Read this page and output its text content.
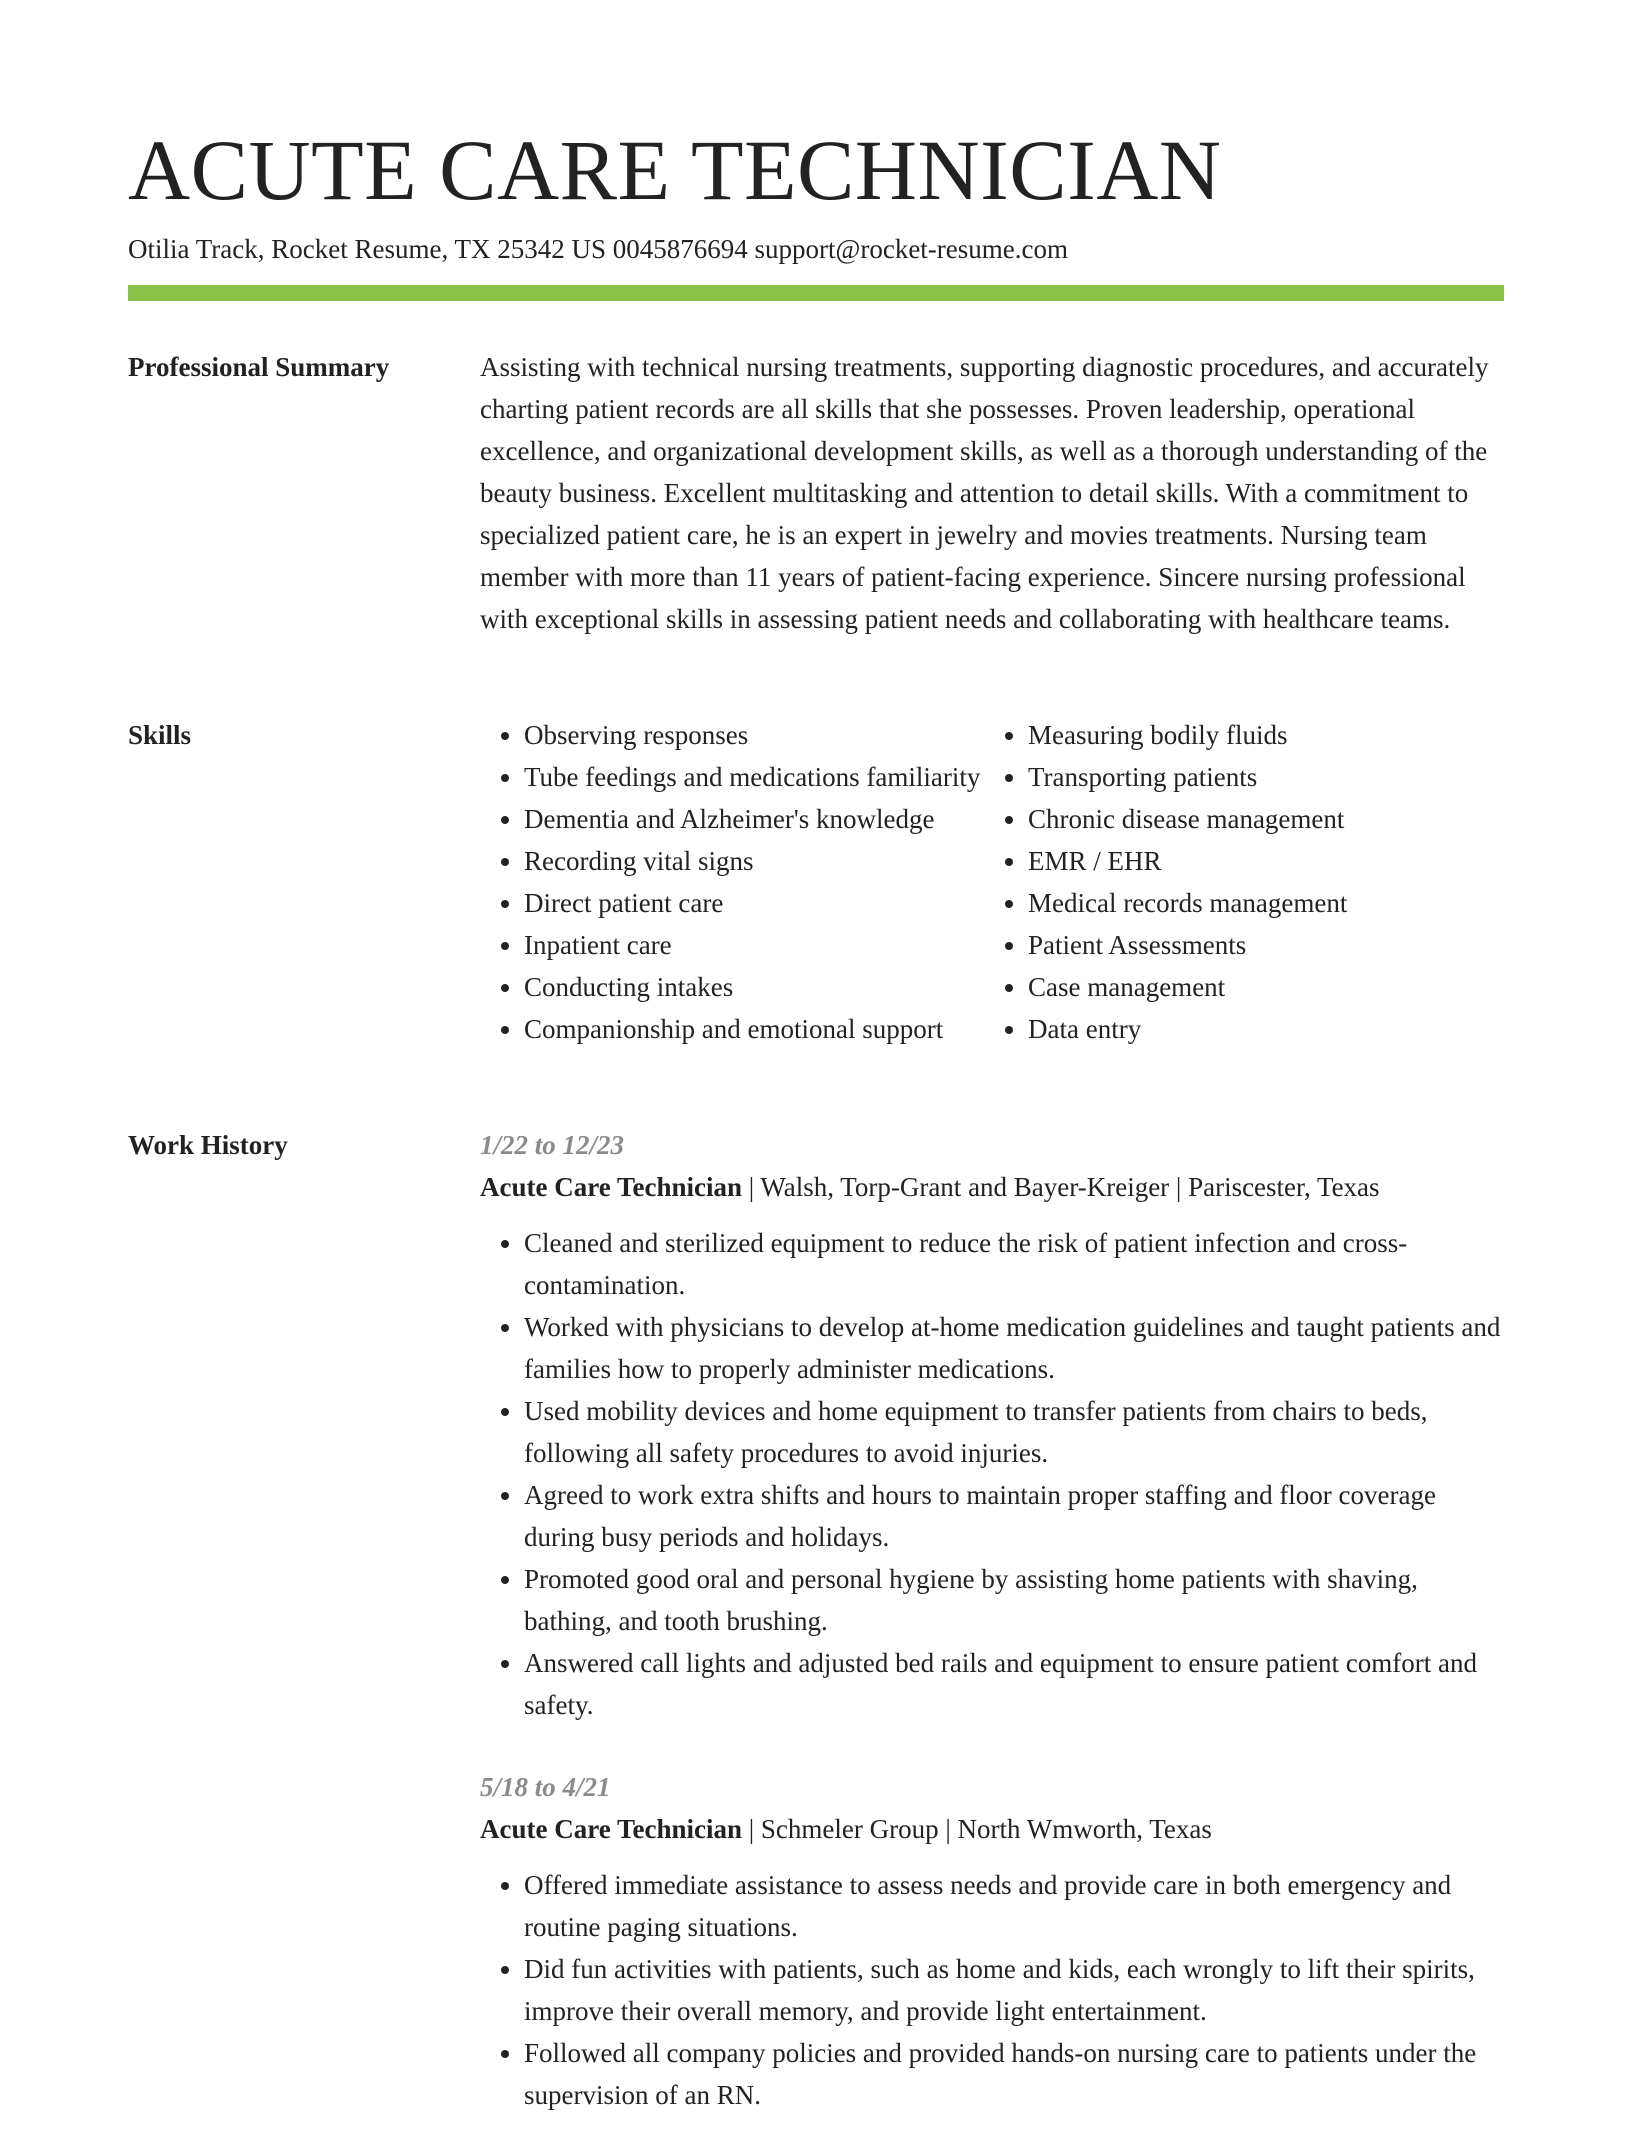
ACUTE CARE TECHNICIAN
Otilia Track, Rocket Resume, TX 25342 US 0045876694 support@rocket-resume.com
Professional Summary	Assisting with technical nursing treatments, supporting diagnostic procedures, and accurately charting patient records are all skills that she possesses. Proven leadership, operational excellence, and organizational development skills, as well as a thorough understanding of the beauty business. Excellent multitasking and attention to detail skills. With a commitment to specialized patient care, he is an expert in jewelry and movies treatments. Nursing team member with more than 11 years of patient-facing experience. Sincere nursing professional with exceptional skills in assessing patient needs and collaborating with healthcare teams.

Skills
•	Observing responses
• Tube feedings and medications familiarity
• Dementia and Alzheimer's knowledge
• Recording vital signs
• Direct patient care
• Inpatient care
• Conducting intakes
• Companionship and emotional support
• Measuring bodily fluids
• Transporting patients
• Chronic disease management
• EMR / EHR
• Medical records management
• Patient Assessments
• Case management
• Data entry
Work History	1/22 to 12/23
Acute Care Technician | Walsh, Torp-Grant and Bayer-Kreiger | Pariscester, Texas
• Cleaned and sterilized equipment to reduce the risk of patient infection and cross-contamination.
• Worked with physicians to develop at-home medication guidelines and taught patients and families how to properly administer medications.
• Used mobility devices and home equipment to transfer patients from chairs to beds, following all safety procedures to avoid injuries.
• Agreed to work extra shifts and hours to maintain proper staffing and floor coverage during busy periods and holidays.
• Promoted good oral and personal hygiene by assisting home patients with shaving, bathing, and tooth brushing.
• Answered call lights and adjusted bed rails and equipment to ensure patient comfort and safety.
5/18 to 4/21
Acute Care Technician | Schmeler Group | North Wmworth, Texas
• Offered immediate assistance to assess needs and provide care in both emergency and routine paging situations.
• Did fun activities with patients, such as home and kids, each wrongly to lift their spirits, improve their overall memory, and provide light entertainment.
• Followed all company policies and provided hands-on nursing care to patients under the supervision of an RN.
